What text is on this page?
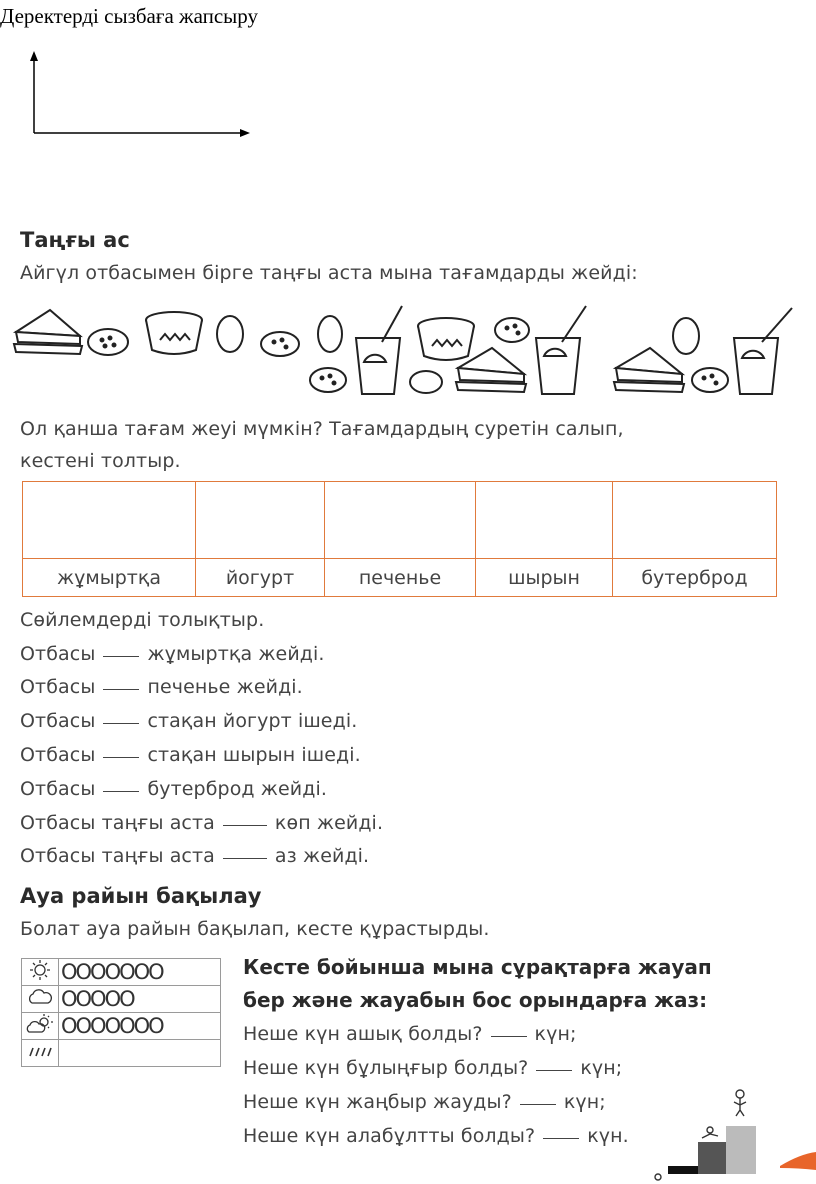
Деректерді сызбаға жапсыру
Таңғы ас
Айгүл отбасымен бірге таңғы аста мына тағамдарды жейді:
Ол қанша тағам жеуі мүмкін? Тағамдардың суретін салып,
кестені толтыр.

жұмыртқа	йогурт	печенье	шырын	бутерброд
Сөйлемдерді толықтыр.
Отбасы	жұмыртқа жейді.
Отбасы	печенье жейді.
Отбасы	стақан йогурт ішеді.
Отбасы	стақан шырын ішеді.
Отбасы	бутерброд жейді.
Отбасы таңғы аста	көп жейді.
Отбасы таңғы аста	аз жейді.
Ауа райын бақылау
Болат ауа райын бақылап, кесте құрастырды.
	OOOOOOO
	OOOOO
	OOOOOOO

Кесте бойынша мына сұрақтарға жауап
бер және жауабын бос орындарға жаз:
Неше күн ашық болды?	күн;
Неше күн бұлыңғыр болды?	күн;
Неше күн жаңбыр жауды?	күн;
Неше күн алабұлтты болды?	күн.
